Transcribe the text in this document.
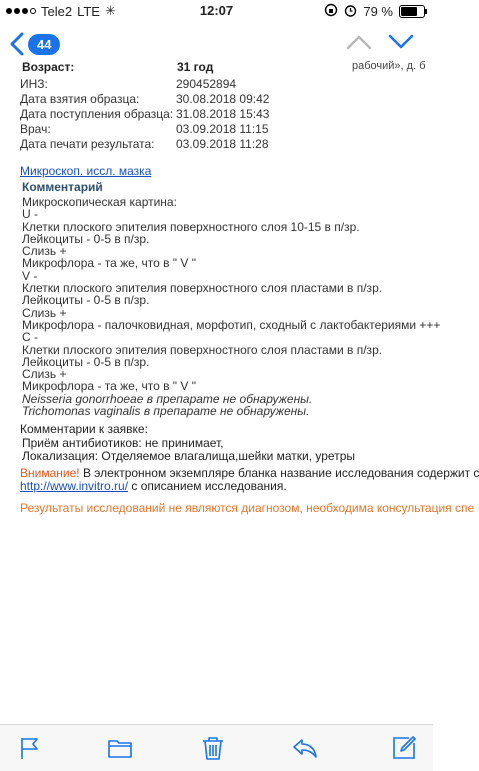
Tele2 LTE ✳	12:07	79 %
44
Возраст:	31 год	рабочий», д. б
ИНЗ:	290452894
Дата взятия образца:	30.08.2018 09:42
Дата поступления образца:	31.08.2018 15:43
Врач:	03.09.2018 11:15
Дата печати результата:	03.09.2018 11:28
Микроскоп. иссл. мазка
Комментарий
Микроскопическая картина:
U -
Клетки плоского эпителия поверхностного слоя 10-15 в п/зр.
Лейкоциты - 0-5 в п/зр.
Слизь +
Микрофлора - та же, что в " V "
V -
Клетки плоского эпителия поверхностного слоя пластами в п/зр.
Лейкоциты - 0-5 в п/зр.
Слизь +
Микрофлора - палочковидная, морфотип, сходный с лактобактериями +++
C -
Клетки плоского эпителия поверхностного слоя пластами в п/зр.
Лейкоциты - 0-5 в п/зр.
Слизь +
Микрофлора - та же, что в " V "
Neisseria gonorrhoeae в препарате не обнаружены.
Trichomonas vaginalis в препарате не обнаружены.
Комментарии к заявке:
Приём антибиотиков: не принимает,
Локализация: Отделяемое влагалища,шейки матки, уретры
Внимание! В электронном экземпляре бланка название исследования содержит с
http://www.invitro.ru/ с описанием исследования.
Результаты исследований не являются диагнозом, необходима консультация спе
